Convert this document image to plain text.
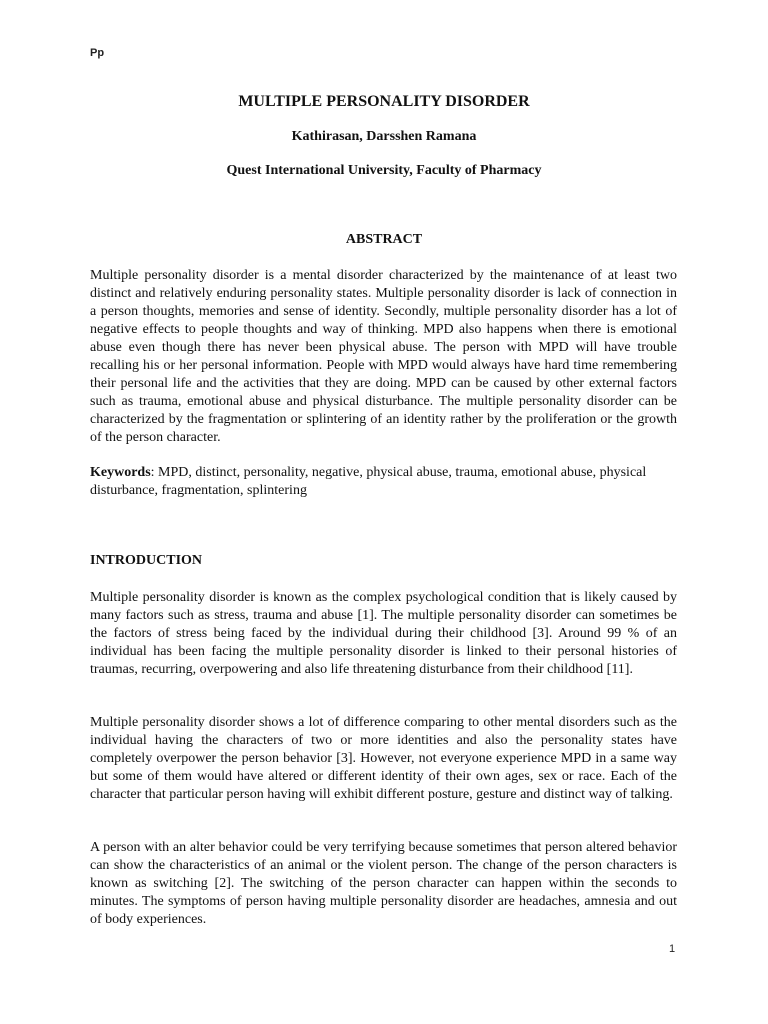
Pp
MULTIPLE PERSONALITY DISORDER
Kathirasan, Darsshen Ramana
Quest International University, Faculty of Pharmacy
ABSTRACT

Multiple personality disorder is a mental disorder characterized by the maintenance of at least two distinct and relatively enduring personality states. Multiple personality disorder is lack of connection in a person thoughts, memories and sense of identity. Secondly, multiple personality disorder has a lot of negative effects to people thoughts and way of thinking. MPD also happens when there is emotional abuse even though there has never been physical abuse. The person with MPD will have trouble recalling his or her personal information. People with MPD would always have hard time remembering their personal life and the activities that they are doing. MPD can be caused by other external factors such as trauma, emotional abuse and physical disturbance. The multiple personality disorder can be characterized by the fragmentation or splintering of an identity rather by the proliferation or the growth of the person character.

Keywords: MPD, distinct, personality, negative, physical abuse, trauma, emotional abuse, physical disturbance, fragmentation, splintering

INTRODUCTION

Multiple personality disorder is known as the complex psychological condition that is likely caused by many factors such as stress, trauma and abuse [1]. The multiple personality disorder can sometimes be the factors of stress being faced by the individual during their childhood [3]. Around 99 % of an individual has been facing the multiple personality disorder is linked to their personal histories of traumas, recurring, overpowering and also life threatening disturbance from their childhood [11].

Multiple personality disorder shows a lot of difference comparing to other mental disorders such as the individual having the characters of two or more identities and also the personality states have completely overpower the person behavior [3]. However, not everyone experience MPD in a same way but some of them would have altered or different identity of their own ages, sex or race. Each of the character that particular person having will exhibit different posture, gesture and distinct way of talking.

A person with an alter behavior could be very terrifying because sometimes that person altered behavior can show the characteristics of an animal or the violent person. The change of the person characters is known as switching [2]. The switching of the person character can happen within the seconds to minutes. The symptoms of person having multiple personality disorder are headaches, amnesia and out of body experiences.

1
